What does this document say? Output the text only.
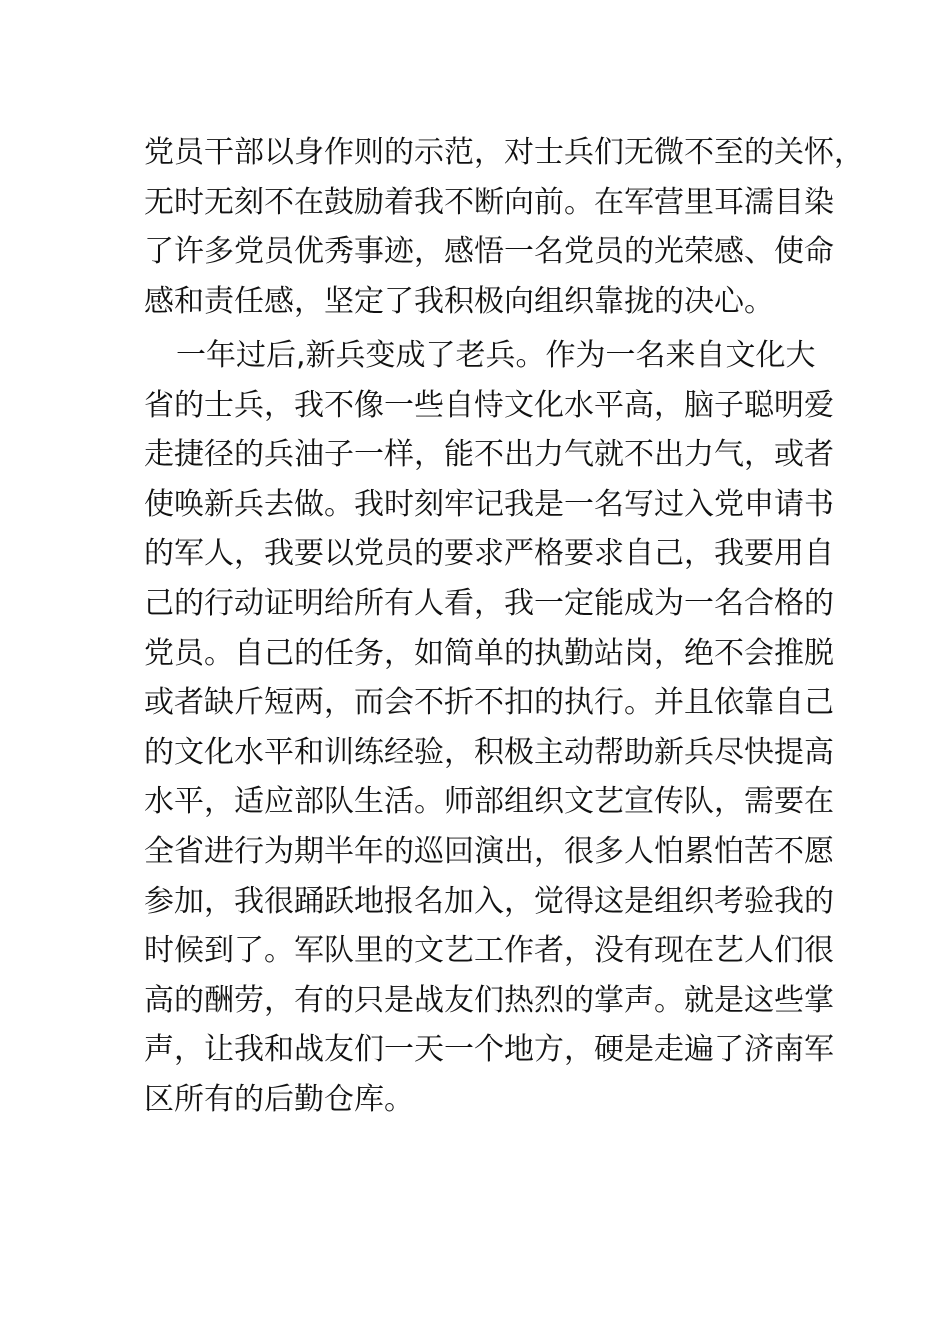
党员干部以身作则的示范，对士兵们无微不至的关怀，
无时无刻不在鼓励着我不断向前。在军营里耳濡目染
了许多党员优秀事迹，感悟一名党员的光荣感、使命
感和责任感，坚定了我积极向组织靠拢的决心。
一年过后,新兵变成了老兵。作为一名来自文化大
省的士兵，我不像一些自恃文化水平高，脑子聪明爱
走捷径的兵油子一样，能不出力气就不出力气，或者
使唤新兵去做。我时刻牢记我是一名写过入党申请书
的军人，我要以党员的要求严格要求自己，我要用自
己的行动证明给所有人看，我一定能成为一名合格的
党员。自己的任务，如简单的执勤站岗，绝不会推脱
或者缺斤短两，而会不折不扣的执行。并且依靠自己
的文化水平和训练经验，积极主动帮助新兵尽快提高
水平，适应部队生活。师部组织文艺宣传队，需要在
全省进行为期半年的巡回演出，很多人怕累怕苦不愿
参加，我很踊跃地报名加入，觉得这是组织考验我的
时候到了。军队里的文艺工作者，没有现在艺人们很
高的酬劳，有的只是战友们热烈的掌声。就是这些掌
声，让我和战友们一天一个地方，硬是走遍了济南军
区所有的后勤仓库。
